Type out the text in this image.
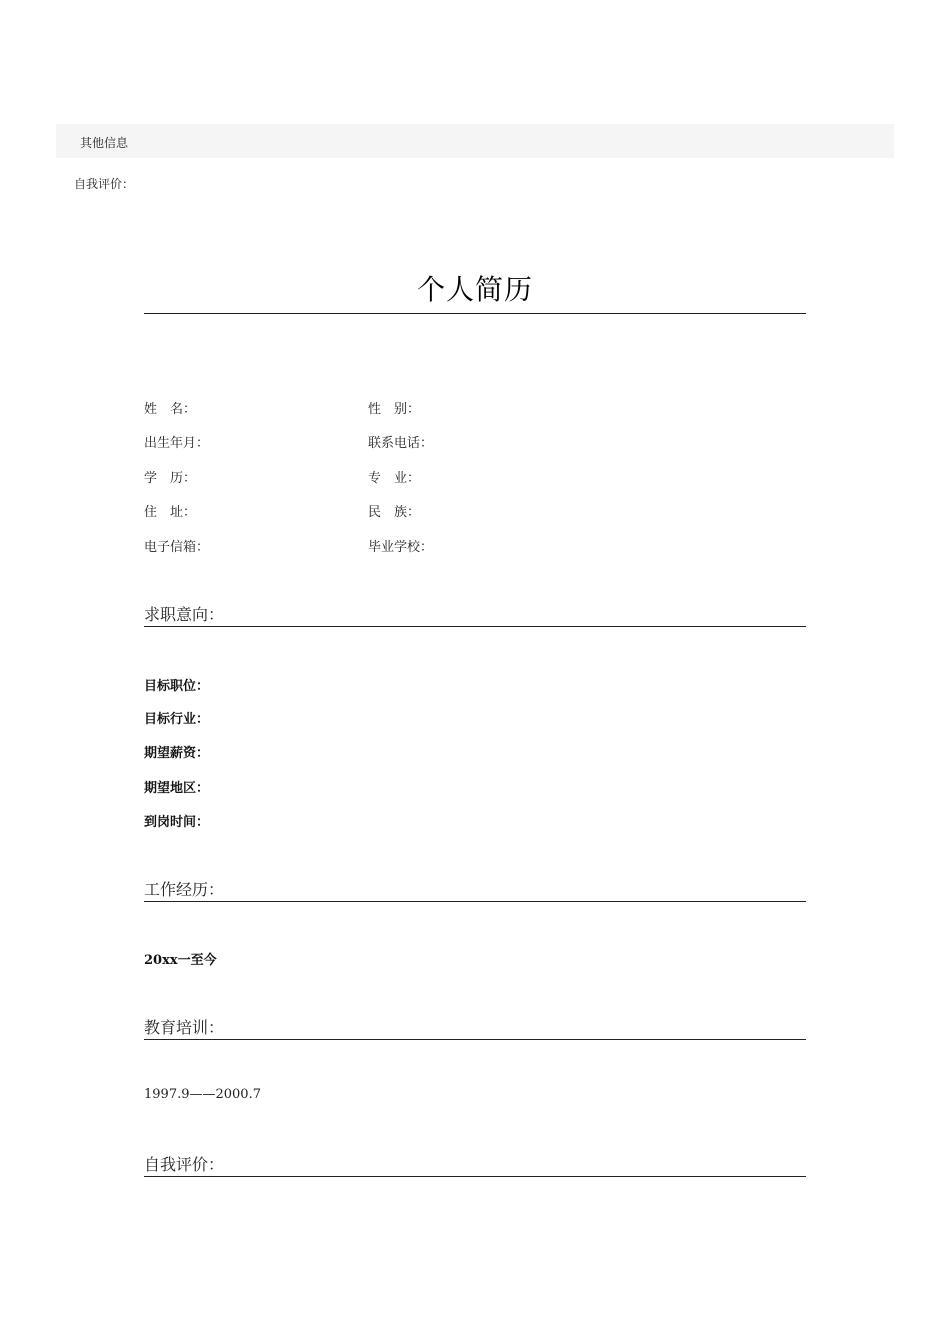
其他信息
自我评价：
个人简历
姓　名：	性　别：
出生年月：	联系电话：
学　历：	专　业：
住　址：	民　族：
电子信箱：	毕业学校：
求职意向：
目标职位：
目标行业：
期望薪资：
期望地区：
到岗时间：
工作经历：
20xx一至今
教育培训：
1997.9——2000.7
自我评价：
